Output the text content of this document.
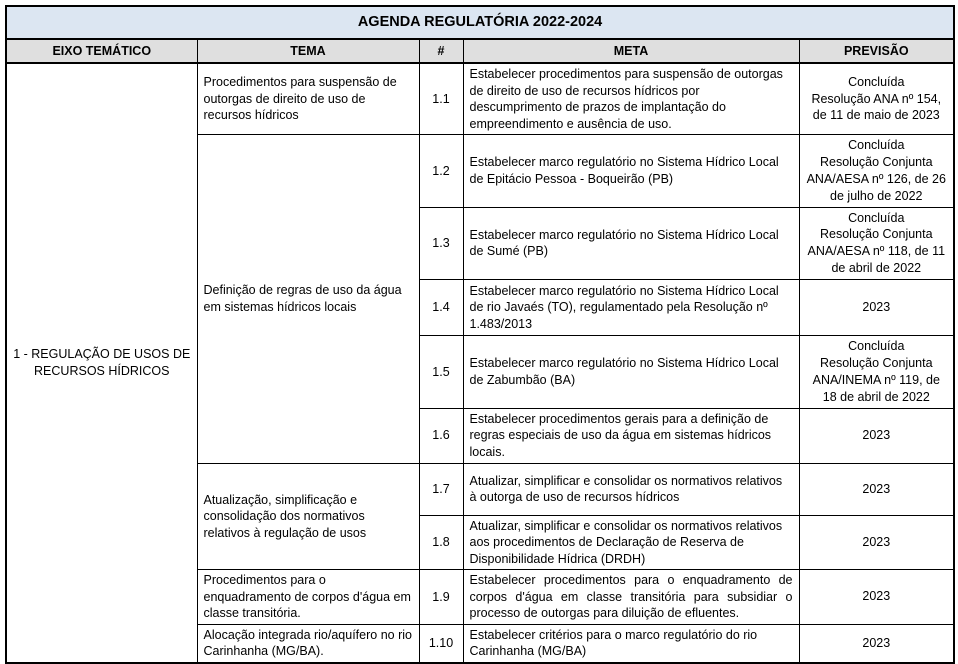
AGENDA REGULATÓRIA 2022-2024				
EIXO TEMÁTICO	TEMA	#	META	PREVISÃO
1 - REGULAÇÃO DE USOS DE RECURSOS HÍDRICOS	Procedimentos para suspensão de outorgas de direito de uso de recursos hídricos	1.1	Estabelecer procedimentos para suspensão de outorgas de direito de uso de recursos hídricos por descumprimento de prazos de implantação do empreendimento e ausência de uso.	Concluída
Resolução ANA nº 154, de 11 de maio de 2023

	Definição de regras de uso da água em sistemas hídricos locais	1.2	Estabelecer marco regulatório no Sistema Hídrico Local de Epitácio Pessoa - Boqueirão (PB)	Concluída
Resolução Conjunta ANA/AESA nº 126, de 26 de julho de 2022

		1.3	Estabelecer marco regulatório no Sistema Hídrico Local de Sumé (PB)	Concluída
Resolução Conjunta ANA/AESA nº 118, de 11 de abril de 2022

		1.4	Estabelecer marco regulatório no Sistema Hídrico Local de rio Javaés (TO), regulamentado pela Resolução nº 1.483/2013	2023

		1.5	Estabelecer marco regulatório no Sistema Hídrico Local de Zabumbão (BA)	Concluída
Resolução Conjunta ANA/INEMA nº 119, de 18 de abril de 2022

		1.6	Estabelecer procedimentos gerais para a definição de regras especiais de uso da água em sistemas hídricos locais.	2023

	Atualização, simplificação e consolidação dos normativos relativos à regulação de usos	1.7	Atualizar, simplificar e consolidar os normativos relativos à outorga de uso de recursos hídricos	2023

		1.8	Atualizar, simplificar e consolidar os normativos relativos aos procedimentos de Declaração de Reserva de Disponibilidade Hídrica (DRDH)	2023

	Procedimentos para o enquadramento de corpos d'água em classe transitória.	1.9	Estabelecer procedimentos para o enquadramento de corpos d'água em classe transitória para subsidiar o processo de outorgas para diluição de efluentes.	2023

	Alocação integrada rio/aquífero no rio Carinhanha (MG/BA).	1.10	Estabelecer critérios para o marco regulatório do rio Carinhanha (MG/BA)	2023
